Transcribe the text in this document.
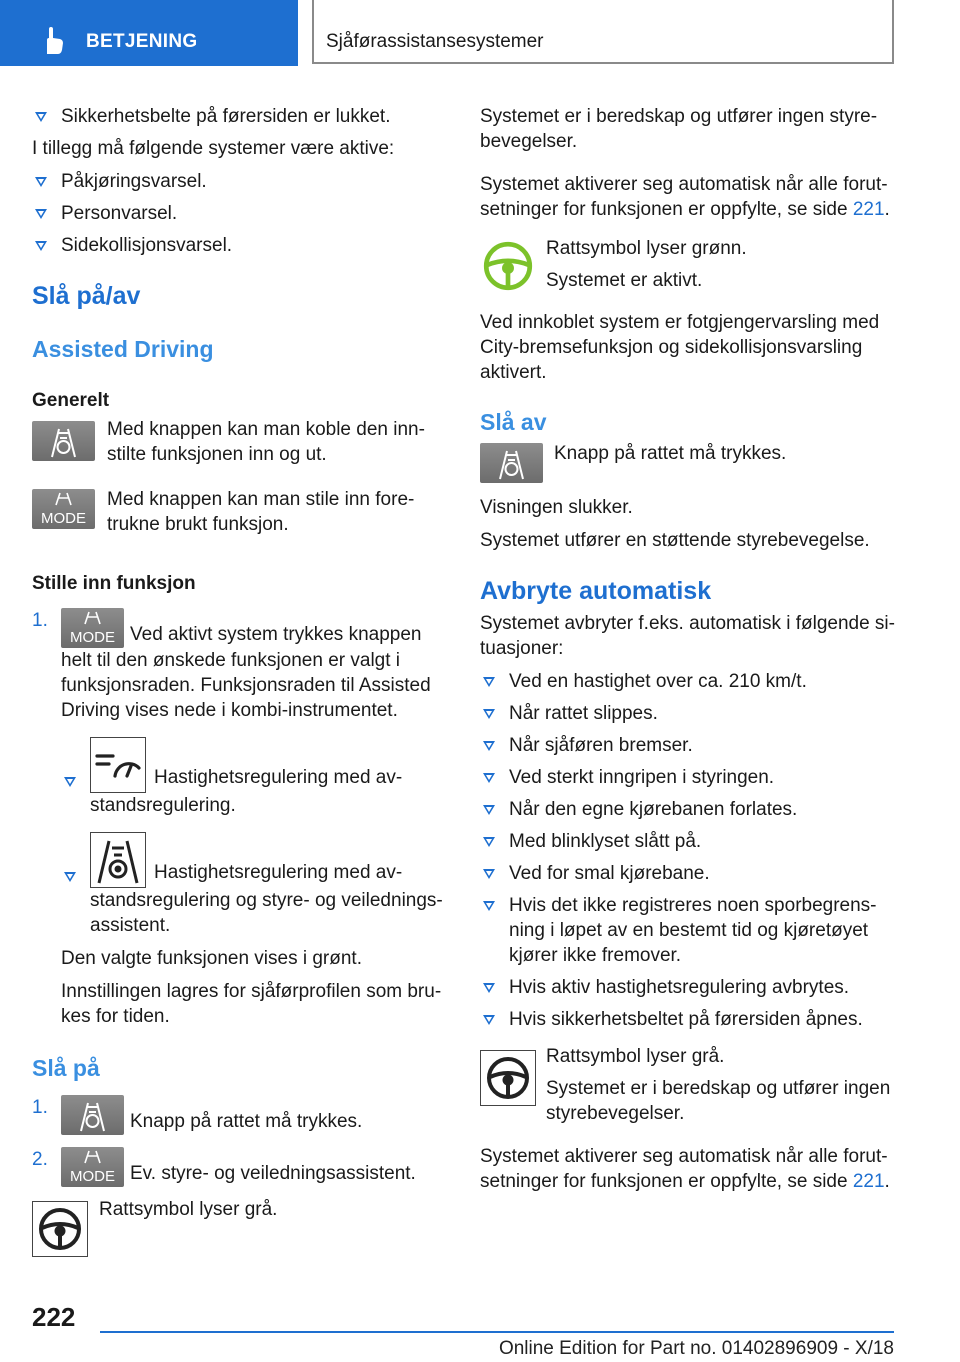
BETJENING	Sjåførassistansesystemer
Sikkerhetsbelte på førersiden er lukket.

I tillegg må følgende systemer være aktive:

Påkjøringsvarsel.
Personvarsel.
Sidekollisjonsvarsel.
Slå på/av
Assisted Driving
Generelt

Med knappen kan man koble den inn-stilte funksjonen inn og ut.

MODE

Med knappen kan man stile inn fore-trukne brukt funksjon.

Stille inn funksjon
1.
MODE Ved aktivt system trykkes knappen helt til den ønskede funksjonen er valgt i funksjonsraden. Funksjonsraden til Assisted Driving vises nede i kombi-instrumentet.
Hastighetsregulering med av-standsregulering.
Hastighetsregulering med av-standsregulering og styre- og veilednings-assistent.

Den valgte funksjonen vises i grønt.

Innstillingen lagres for sjåførprofilen som bru-kes for tiden.

Slå på
1.
Knapp på rattet må trykkes.
2.
MODE Ev. styre- og veiledningsassistent.

Rattsymbol lyser grå.

Systemet er i beredskap og utfører ingen styre-bevegelser.

Systemet aktiverer seg automatisk når alle forut-setninger for funksjonen er oppfylte, se side 221.

Rattsymbol lyser grønn.

Systemet er aktivt.

Ved innkoblet system er fotgjengervarsling med City-bremsefunksjon og sidekollisjonsvarsling aktivert.

Slå av

Knapp på rattet må trykkes.

Visningen slukker.

Systemet utfører en støttende styrebevegelse.

Avbryte automatisk

Systemet avbryter f.eks. automatisk i følgende si-tuasjoner:

Ved en hastighet over ca. 210 km/t.
Når rattet slippes.
Når sjåføren bremser.
Ved sterkt inngripen i styringen.
Når den egne kjørebanen forlates.
Med blinklyset slått på.
Ved for smal kjørebane.
Hvis det ikke registreres noen sporbegrens-ning i løpet av en bestemt tid og kjøretøyet kjører ikke fremover.
Hvis aktiv hastighetsregulering avbrytes.
Hvis sikkerhetsbeltet på førersiden åpnes.

Rattsymbol lyser grå.

Systemet er i beredskap og utfører ingen styrebevegelser.

Systemet aktiverer seg automatisk når alle forut-setninger for funksjonen er oppfylte, se side 221.

222
Online Edition for Part no. 01402896909 - X/18
